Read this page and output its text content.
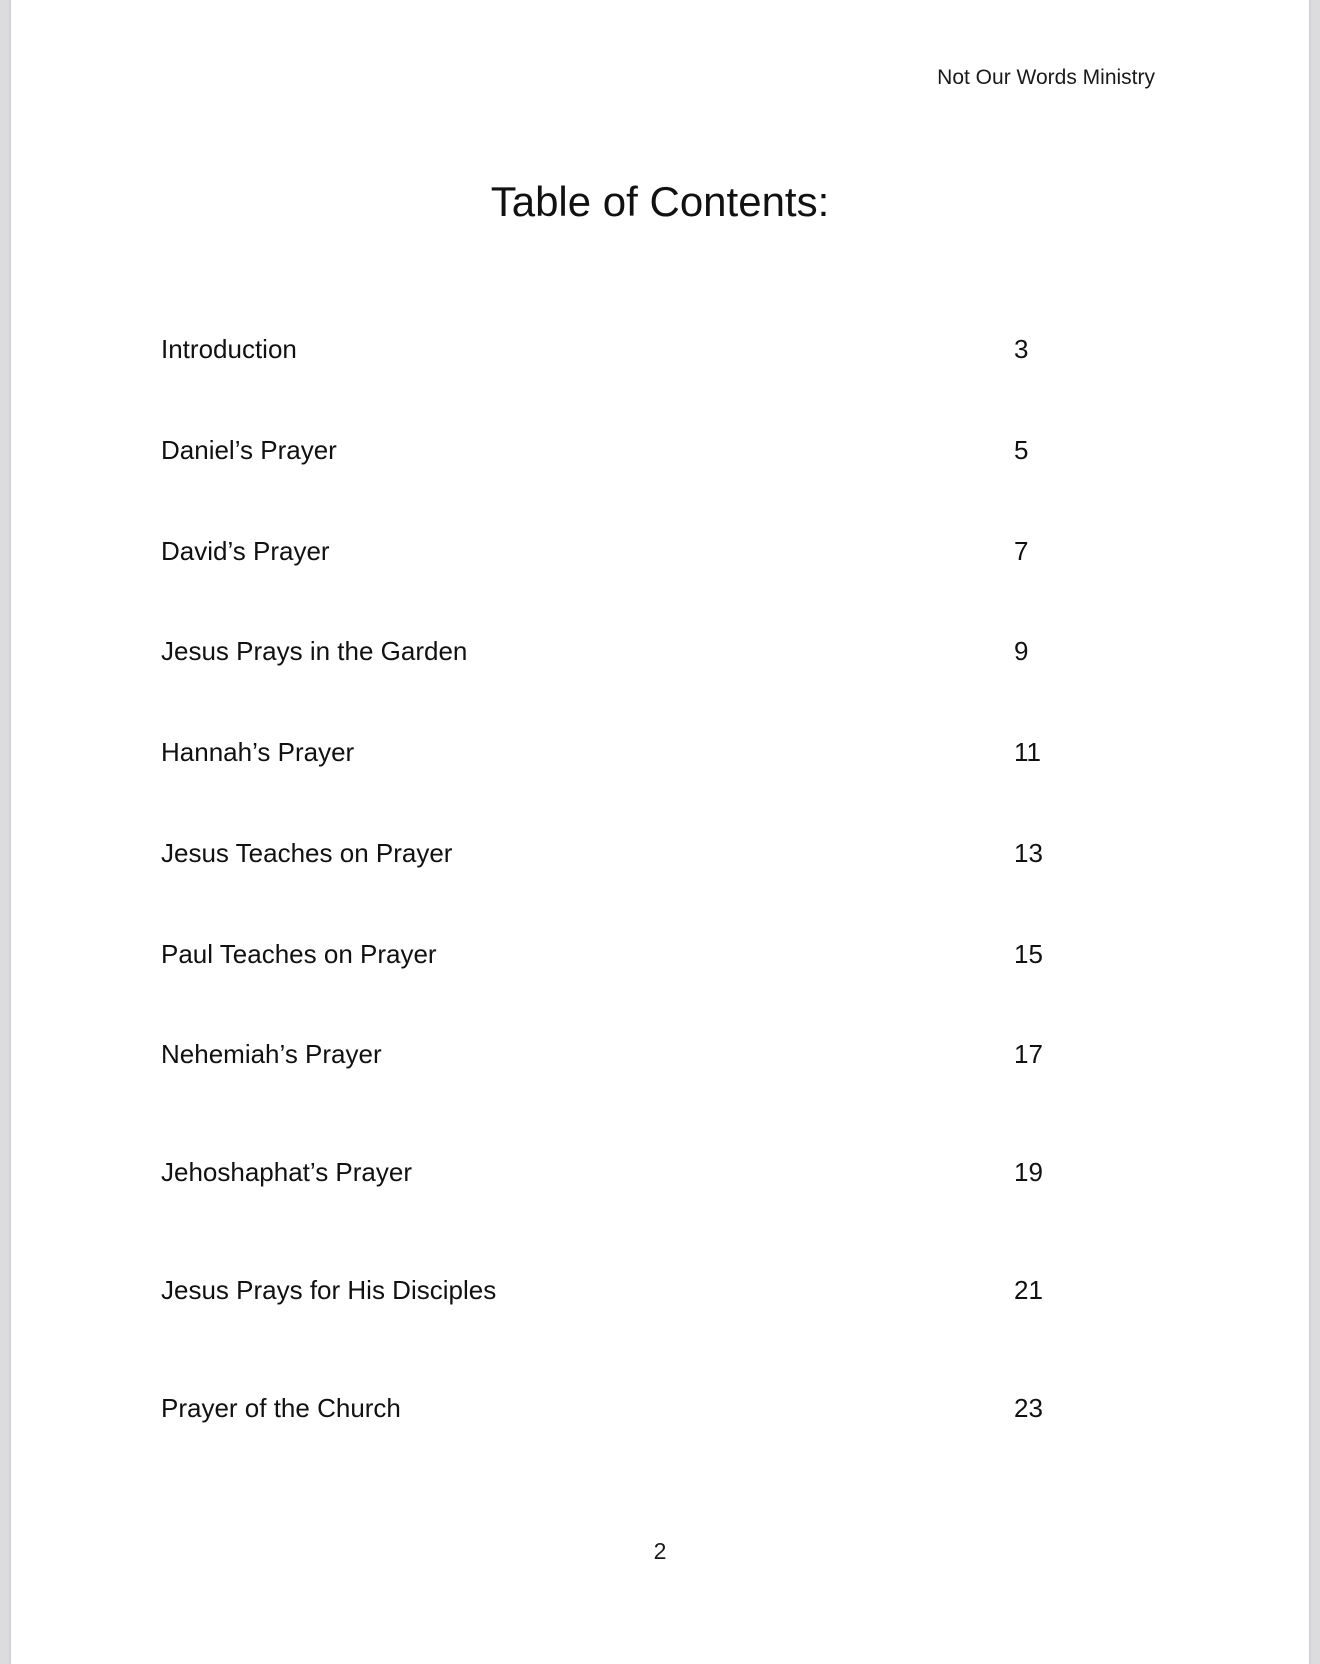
Not Our Words Ministry
Table of Contents:
Introduction	3
Daniel’s Prayer	5
David’s Prayer	7
Jesus Prays in the Garden	9
Hannah’s Prayer	11
Jesus Teaches on Prayer	13
Paul Teaches on Prayer	15
Nehemiah’s Prayer	17
Jehoshaphat’s Prayer	19
Jesus Prays for His Disciples	21
Prayer of the Church	23
2
